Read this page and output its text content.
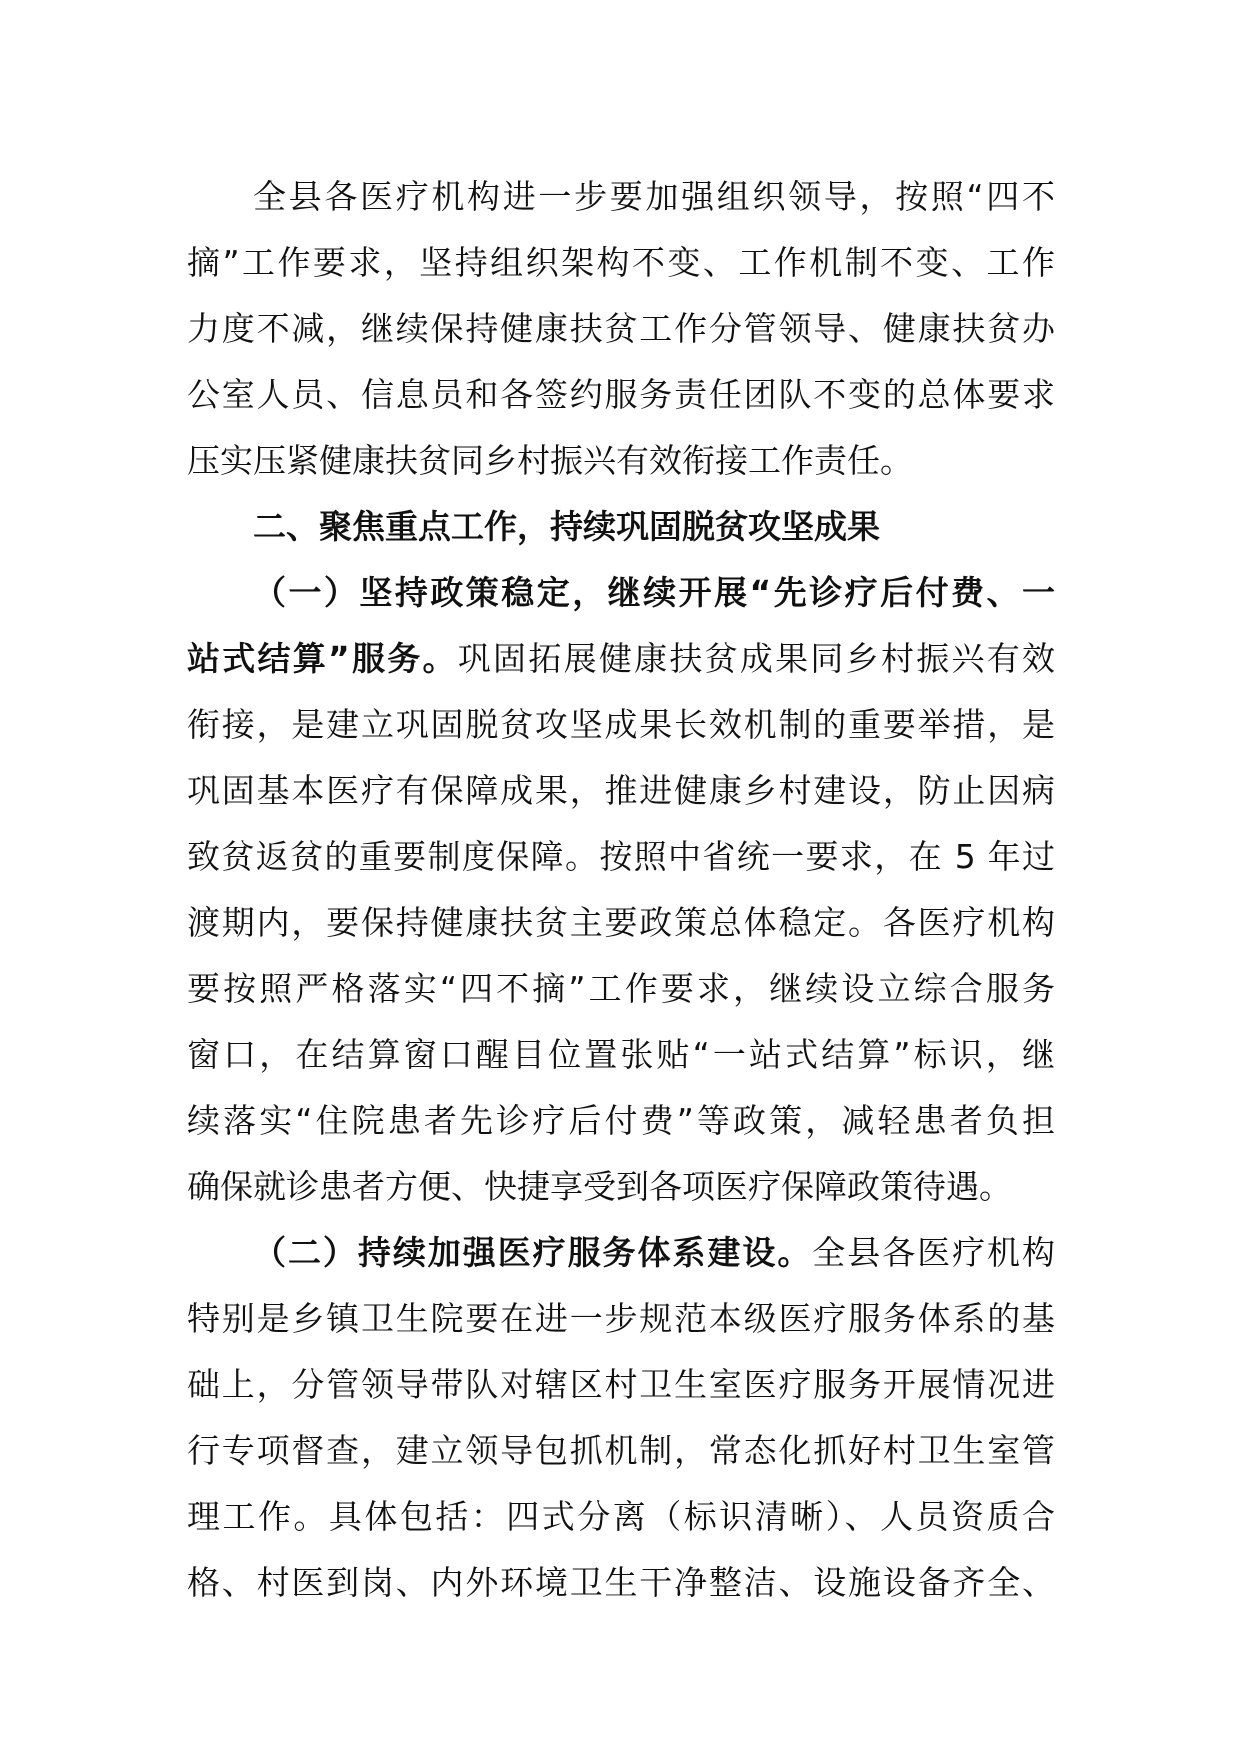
全县各医疗机构进一步要加强组织领导，按照“四不
摘”工作要求，坚持组织架构不变、工作机制不变、工作
力度不减，继续保持健康扶贫工作分管领导、健康扶贫办
公室人员、信息员和各签约服务责任团队不变的总体要求
压实压紧健康扶贫同乡村振兴有效衔接工作责任。
二、聚焦重点工作，持续巩固脱贫攻坚成果
（一）坚持政策稳定，继续开展“先诊疗后付费、一
站式结算”服务。巩固拓展健康扶贫成果同乡村振兴有效
衔接，是建立巩固脱贫攻坚成果长效机制的重要举措，是
巩固基本医疗有保障成果，推进健康乡村建设，防止因病
致贫返贫的重要制度保障。按照中省统一要求，在 5 年过
渡期内，要保持健康扶贫主要政策总体稳定。各医疗机构
要按照严格落实“四不摘”工作要求，继续设立综合服务
窗口，在结算窗口醒目位置张贴“一站式结算”标识，继
续落实“住院患者先诊疗后付费”等政策，减轻患者负担
确保就诊患者方便、快捷享受到各项医疗保障政策待遇。
（二）持续加强医疗服务体系建设。全县各医疗机构
特别是乡镇卫生院要在进一步规范本级医疗服务体系的基
础上，分管领导带队对辖区村卫生室医疗服务开展情况进
行专项督查，建立领导包抓机制，常态化抓好村卫生室管
理工作。具体包括：四式分离（标识清晰）、人员资质合
格、村医到岗、内外环境卫生干净整洁、设施设备齐全、
